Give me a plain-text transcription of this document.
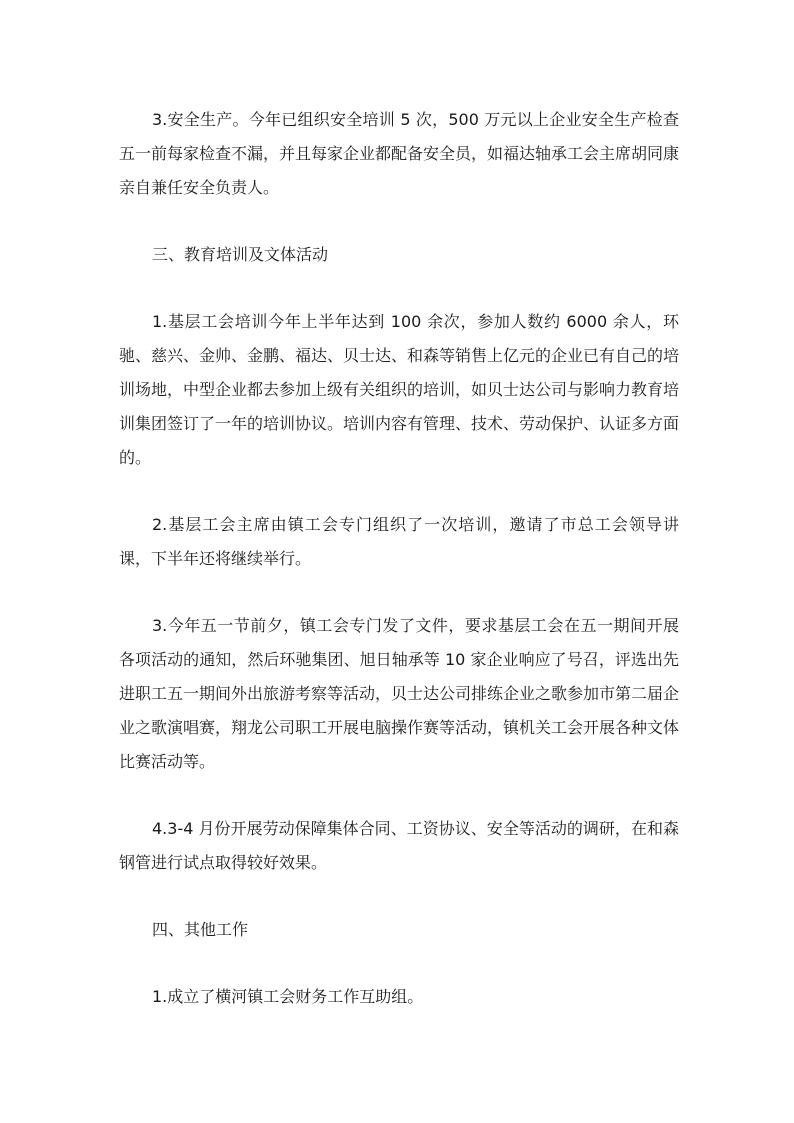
3.安全生产。今年已组织安全培训 5 次，500 万元以上企业安全生产检查五一前每家检查不漏，并且每家企业都配备安全员，如福达轴承工会主席胡同康亲自兼任安全负责人。

三、教育培训及文体活动

1.基层工会培训今年上半年达到 100 余次，参加人数约 6000 余人，环驰、慈兴、金帅、金鹏、福达、贝士达、和森等销售上亿元的企业已有自己的培训场地，中型企业都去参加上级有关组织的培训，如贝士达公司与影响力教育培训集团签订了一年的培训协议。培训内容有管理、技术、劳动保护、认证多方面的。

2.基层工会主席由镇工会专门组织了一次培训，邀请了市总工会领导讲课，下半年还将继续举行。

3.今年五一节前夕，镇工会专门发了文件，要求基层工会在五一期间开展各项活动的通知，然后环驰集团、旭日轴承等 10 家企业响应了号召，评选出先进职工五一期间外出旅游考察等活动，贝士达公司排练企业之歌参加市第二届企业之歌演唱赛，翔龙公司职工开展电脑操作赛等活动，镇机关工会开展各种文体比赛活动等。

4.3-4 月份开展劳动保障集体合同、工资协议、安全等活动的调研，在和森钢管进行试点取得较好效果。

四、其他工作

1.成立了横河镇工会财务工作互助组。
